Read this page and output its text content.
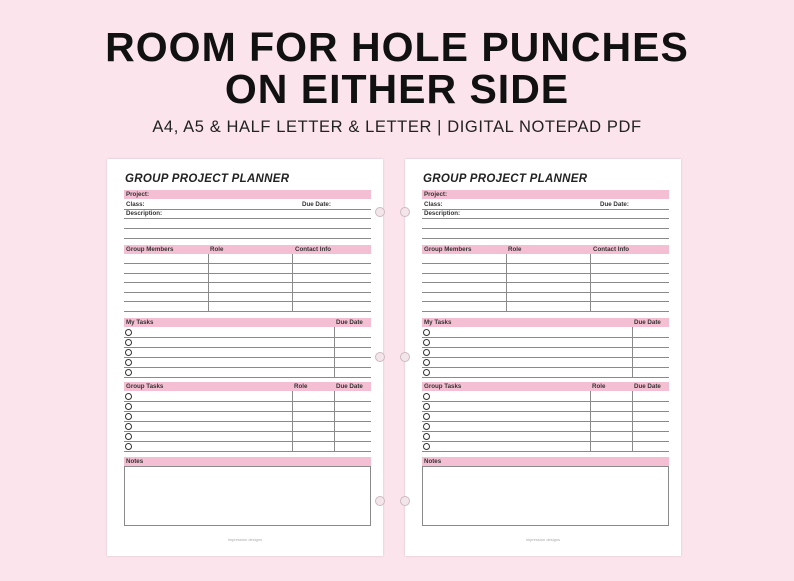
ROOM FOR HOLE PUNCHES
ON EITHER SIDE
A4, A5 & HALF LETTER & LETTER | DIGITAL NOTEPAD PDF
GROUP PROJECT PLANNER
Project:
Class:	Due Date:
Description:
Group Members	Role	Contact Info
My Tasks	Due Date
Group Tasks	Role	Due Date
Notes
impression designs
GROUP PROJECT PLANNER
Project:
Class:	Due Date:
Description:
Group Members	Role	Contact Info
My Tasks	Due Date
Group Tasks	Role	Due Date
Notes
impression designs
